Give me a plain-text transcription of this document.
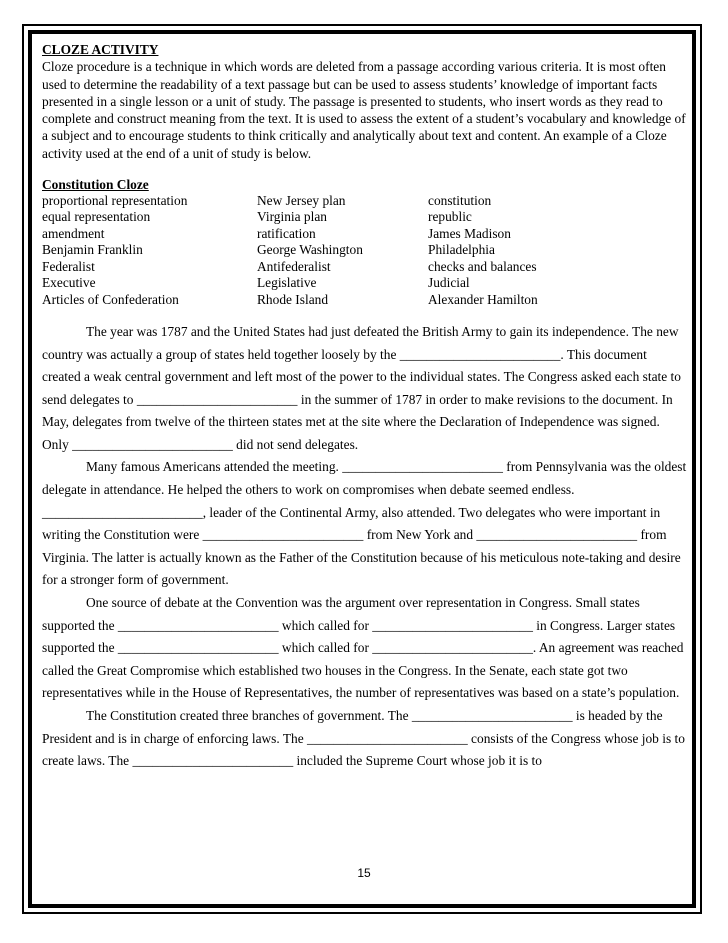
CLOZE ACTIVITY
Cloze procedure is a technique in which words are deleted from a passage according various criteria. It is most often used to determine the readability of a text passage but can be used to assess students’ knowledge of important facts presented in a single lesson or a unit of study. The passage is presented to students, who insert words as they read to complete and construct meaning from the text. It is used to assess the extent of a student’s vocabulary and knowledge of a subject and to encourage students to think critically and analytically about text and content. An example of a Cloze activity used at the end of a unit of study is below.

Constitution Cloze
proportional representation	New Jersey plan	constitution
equal representation	Virginia plan	republic
amendment	ratification	James Madison
Benjamin Franklin	George Washington	Philadelphia
Federalist	Antifederalist	checks and balances
Executive	Legislative	Judicial
Articles of Confederation	Rhode Island	Alexander Hamilton

The year was 1787 and the United States had just defeated the British Army to gain its independence. The new country was actually a group of states held together loosely by the ________________________. This document created a weak central government and left most of the power to the individual states. The Congress asked each state to send delegates to ________________________ in the summer of 1787 in order to make revisions to the document. In May, delegates from twelve of the thirteen states met at the site where the Declaration of Independence was signed. Only ________________________ did not send delegates.

Many famous Americans attended the meeting. ________________________ from Pennsylvania was the oldest delegate in attendance. He helped the others to work on compromises when debate seemed endless. ________________________, leader of the Continental Army, also attended. Two delegates who were important in writing the Constitution were ________________________ from New York and ________________________ from Virginia. The latter is actually known as the Father of the Constitution because of his meticulous note-taking and desire for a stronger form of government.

One source of debate at the Convention was the argument over representation in Congress. Small states supported the ________________________ which called for ________________________ in Congress. Larger states supported the ________________________ which called for ________________________. An agreement was reached called the Great Compromise which established two houses in the Congress. In the Senate, each state got two representatives while in the House of Representatives, the number of representatives was based on a state’s population.

The Constitution created three branches of government. The ________________________ is headed by the President and is in charge of enforcing laws. The ________________________ consists of the Congress whose job is to create laws. The ________________________ included the Supreme Court whose job it is to

15
